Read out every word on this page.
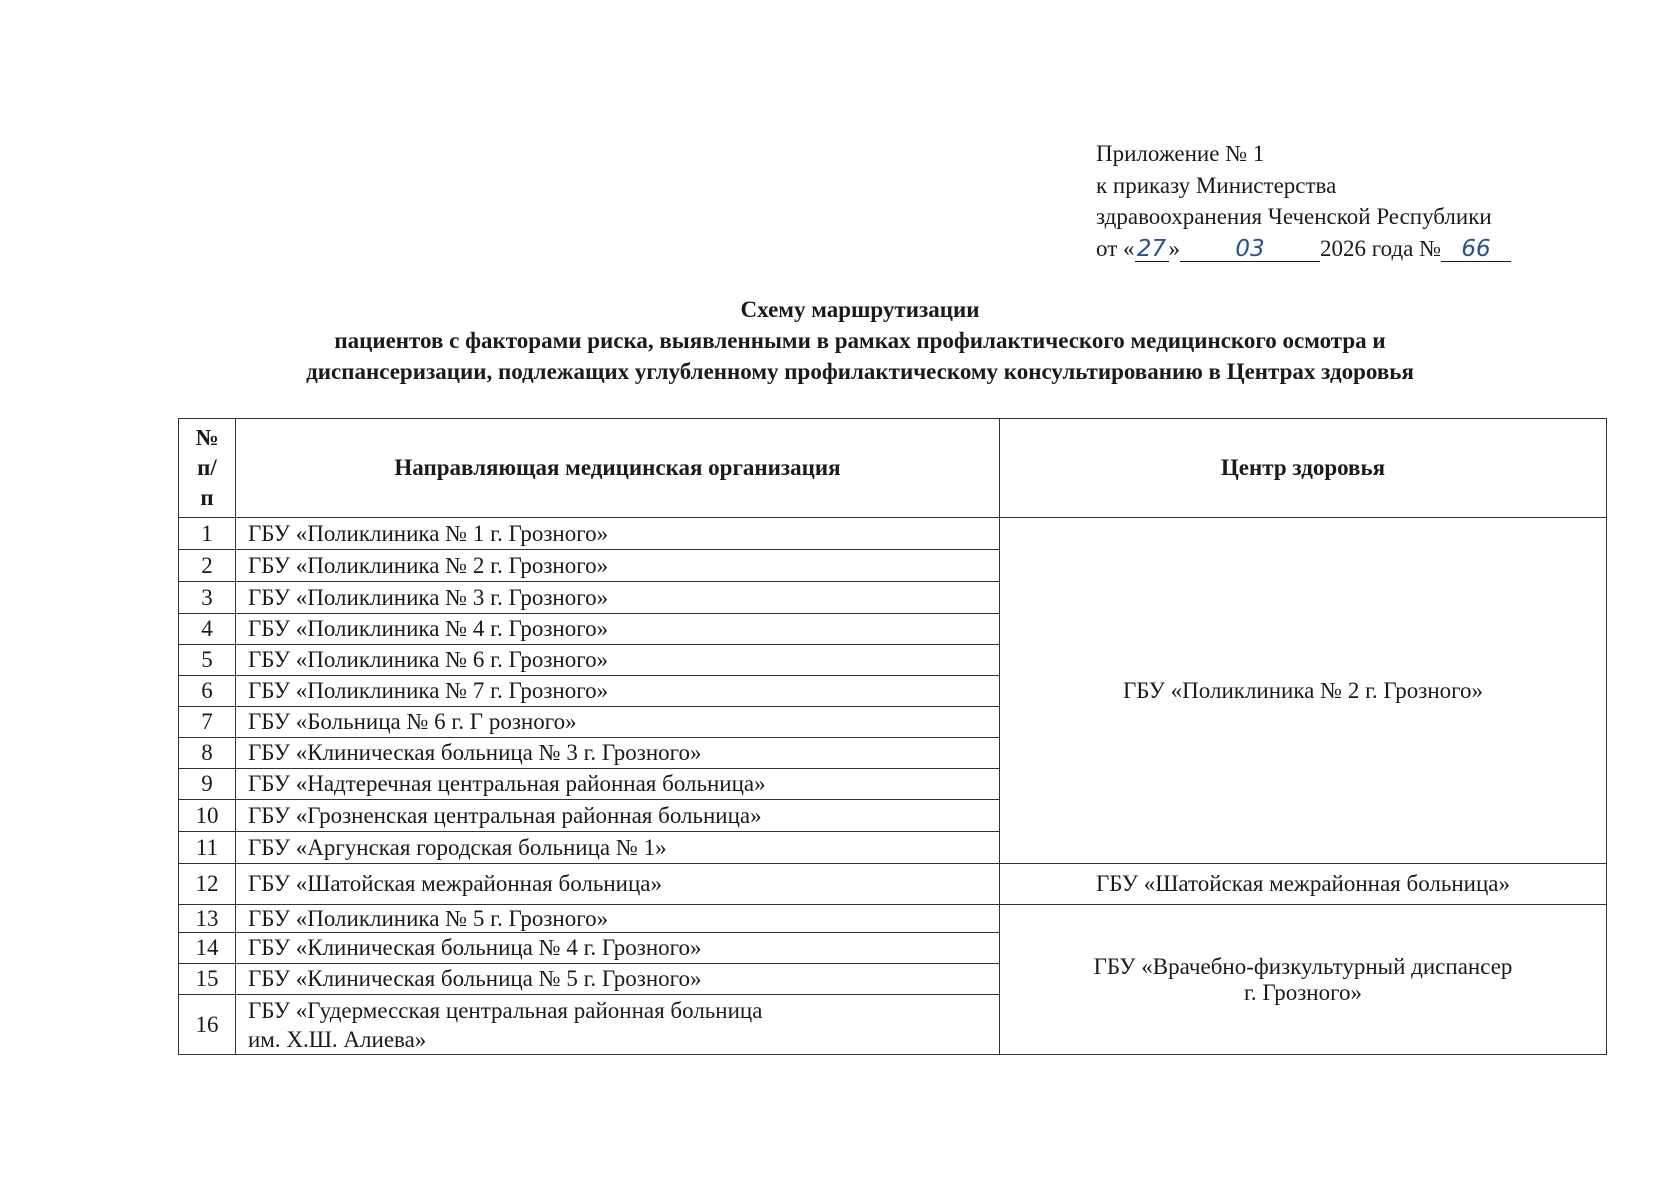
Приложение № 1
к приказу Министерства
здравоохранения Чеченской Республики
от « 27 » 03 2026 года № 66
Схему маршрутизации
пациентов с факторами риска, выявленными в рамках профилактического медицинского осмотра и
диспансеризации, подлежащих углубленному профилактическому консультированию в Центрах здоровья
№
п/п	Направляющая медицинская организация	Центр здоровья
1	ГБУ «Поликлиника № 1 г. Грозного»	ГБУ «Поликлиника № 2 г. Грозного»
2	ГБУ «Поликлиника № 2 г. Грозного»	
3	ГБУ «Поликлиника № 3 г. Грозного»	
4	ГБУ «Поликлиника № 4 г. Грозного»	
5	ГБУ «Поликлиника № 6 г. Грозного»	
6	ГБУ «Поликлиника № 7 г. Грозного»	
7	ГБУ «Больница № 6 г. Г розного»	
8	ГБУ «Клиническая больница № 3 г. Грозного»	
9	ГБУ «Надтеречная центральная районная больница»	
10	ГБУ «Грозненская центральная районная больница»	
11	ГБУ «Аргунская городская больница № 1»	
12	ГБУ «Шатойская межрайонная больница»	ГБУ «Шатойская межрайонная больница»
13	ГБУ «Поликлиника № 5 г. Грозного»	ГБУ «Врачебно-физкультурный диспансер
г. Грозного»

14	ГБУ «Клиническая больница № 4 г. Грозного»	
15	ГБУ «Клиническая больница № 5 г. Грозного»	
16	ГБУ «Гудермесская центральная районная больница
им. Х.Ш. Алиева»	
